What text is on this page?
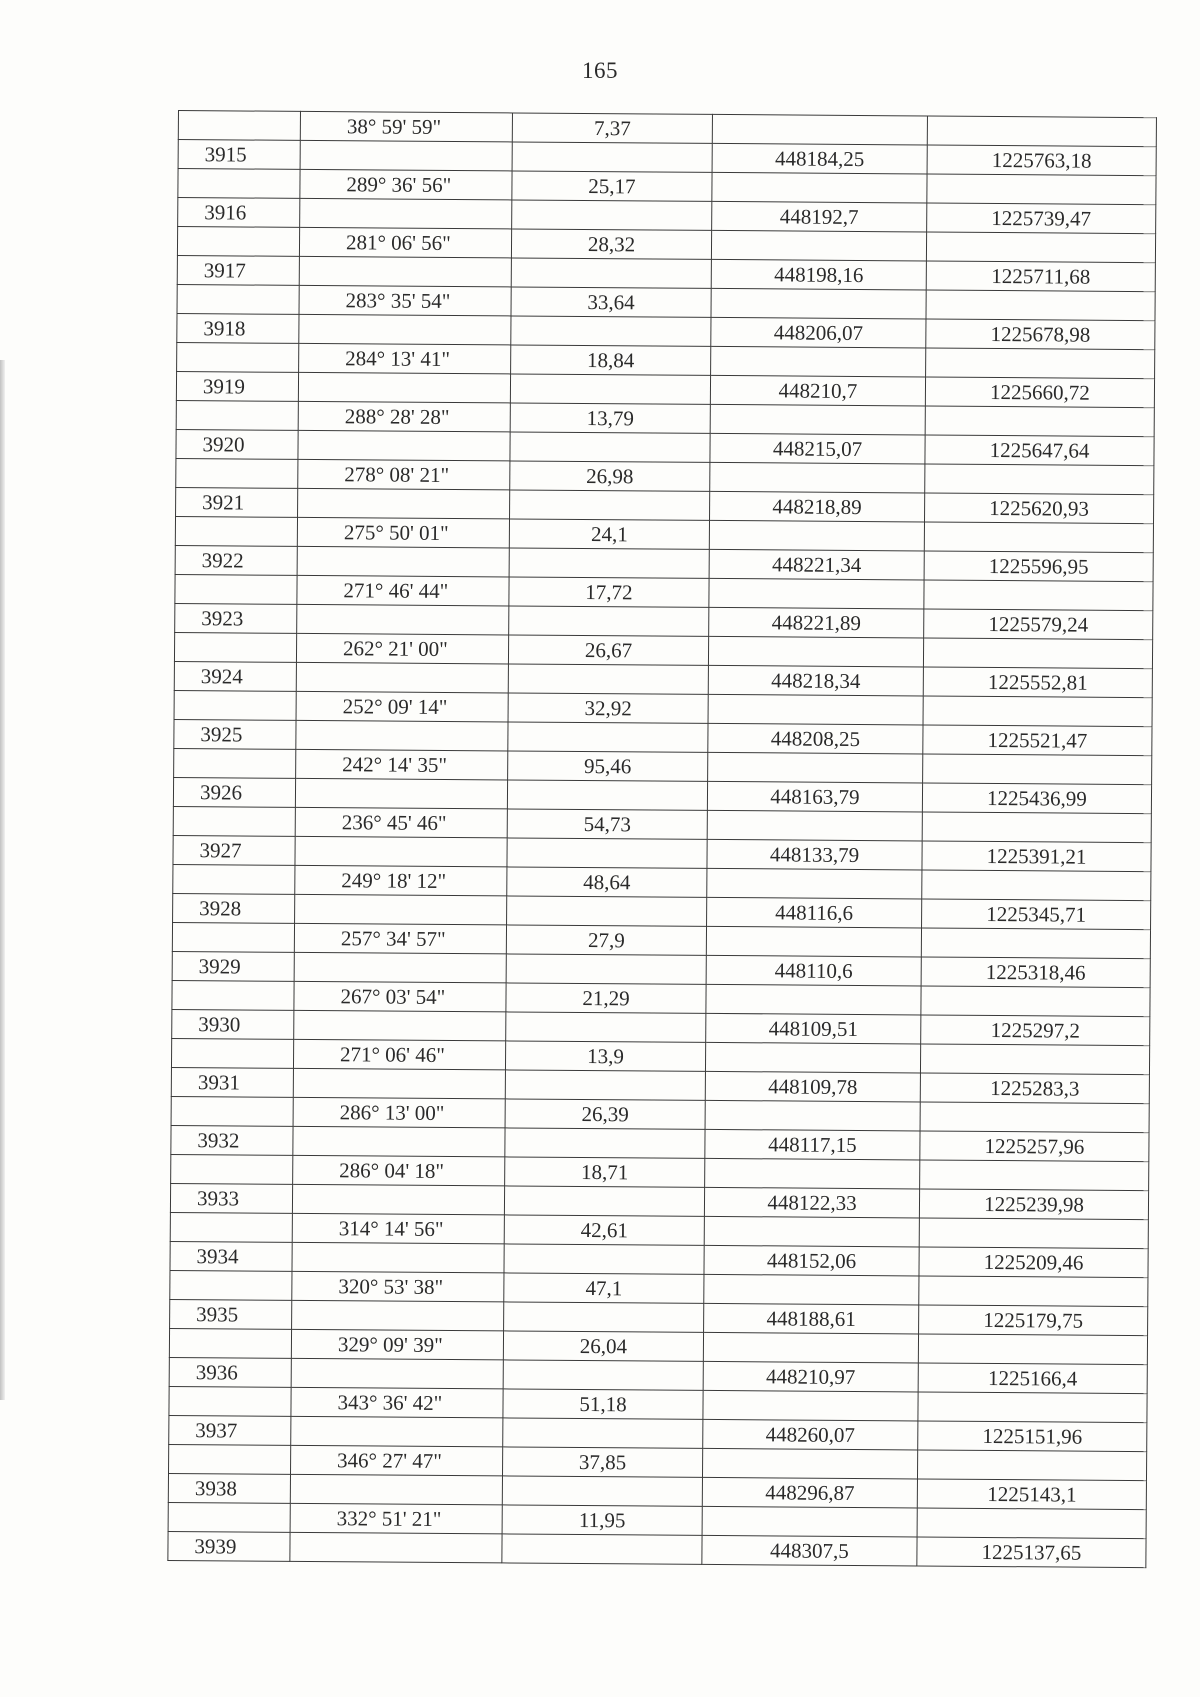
165
	38° 59' 59"	7,37		
3915			448184,25	1225763,18
	289° 36' 56"	25,17		
3916			448192,7	1225739,47
	281° 06' 56"	28,32		
3917			448198,16	1225711,68
	283° 35' 54"	33,64		
3918			448206,07	1225678,98
	284° 13' 41"	18,84		
3919			448210,7	1225660,72
	288° 28' 28"	13,79		
3920			448215,07	1225647,64
	278° 08' 21"	26,98		
3921			448218,89	1225620,93
	275° 50' 01"	24,1		
3922			448221,34	1225596,95
	271° 46' 44"	17,72		
3923			448221,89	1225579,24
	262° 21' 00"	26,67		
3924			448218,34	1225552,81
	252° 09' 14"	32,92		
3925			448208,25	1225521,47
	242° 14' 35"	95,46		
3926			448163,79	1225436,99
	236° 45' 46"	54,73		
3927			448133,79	1225391,21
	249° 18' 12"	48,64		
3928			448116,6	1225345,71
	257° 34' 57"	27,9		
3929			448110,6	1225318,46
	267° 03' 54"	21,29		
3930			448109,51	1225297,2
	271° 06' 46"	13,9		
3931			448109,78	1225283,3
	286° 13' 00"	26,39		
3932			448117,15	1225257,96
	286° 04' 18"	18,71		
3933			448122,33	1225239,98
	314° 14' 56"	42,61		
3934			448152,06	1225209,46
	320° 53' 38"	47,1		
3935			448188,61	1225179,75
	329° 09' 39"	26,04		
3936			448210,97	1225166,4
	343° 36' 42"	51,18		
3937			448260,07	1225151,96
	346° 27' 47"	37,85		
3938			448296,87	1225143,1
	332° 51' 21"	11,95		
3939			448307,5	1225137,65
